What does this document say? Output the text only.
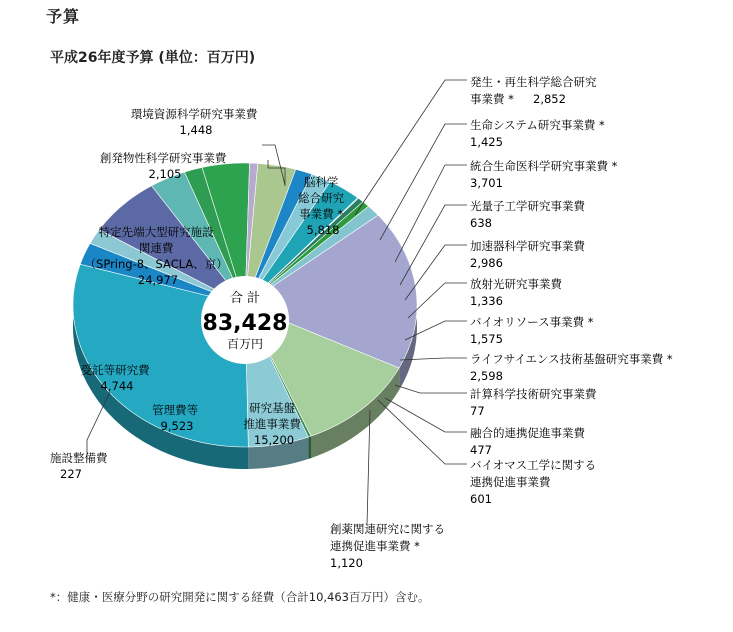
予算
平成26年度予算 (単位：百万円)
合 計
83,428
百万円
脳科学 総合研究 事業費 * 5,818
特定先端大型研究施設 関連費 （SPring-8、SACLA、京） 24,977
受託等研究費 4,744
管理費等 9,523
研究基盤 推進事業費 15,200
環境資源科学研究事業費 1,448
創発物性科学研究事業費 2,105
施設整備費 227
発生・再生科学総合研究 事業費 * 2,852
生命システム研究事業費 * 1,425
統合生命医科学研究事業費 * 3,701
光量子工学研究事業費 638
加速器科学研究事業費 2,986
放射光研究事業費 1,336
バイオリソース事業費 * 1,575
ライフサイエンス技術基盤研究事業費 * 2,598
計算科学技術研究事業費 77
融合的連携促進事業費 477
バイオマス工学に関する 連携促進事業費 601
創薬関連研究に関する 連携促進事業費 * 1,120
*：健康・医療分野の研究開発に関する経費（合計10,463百万円）含む。
